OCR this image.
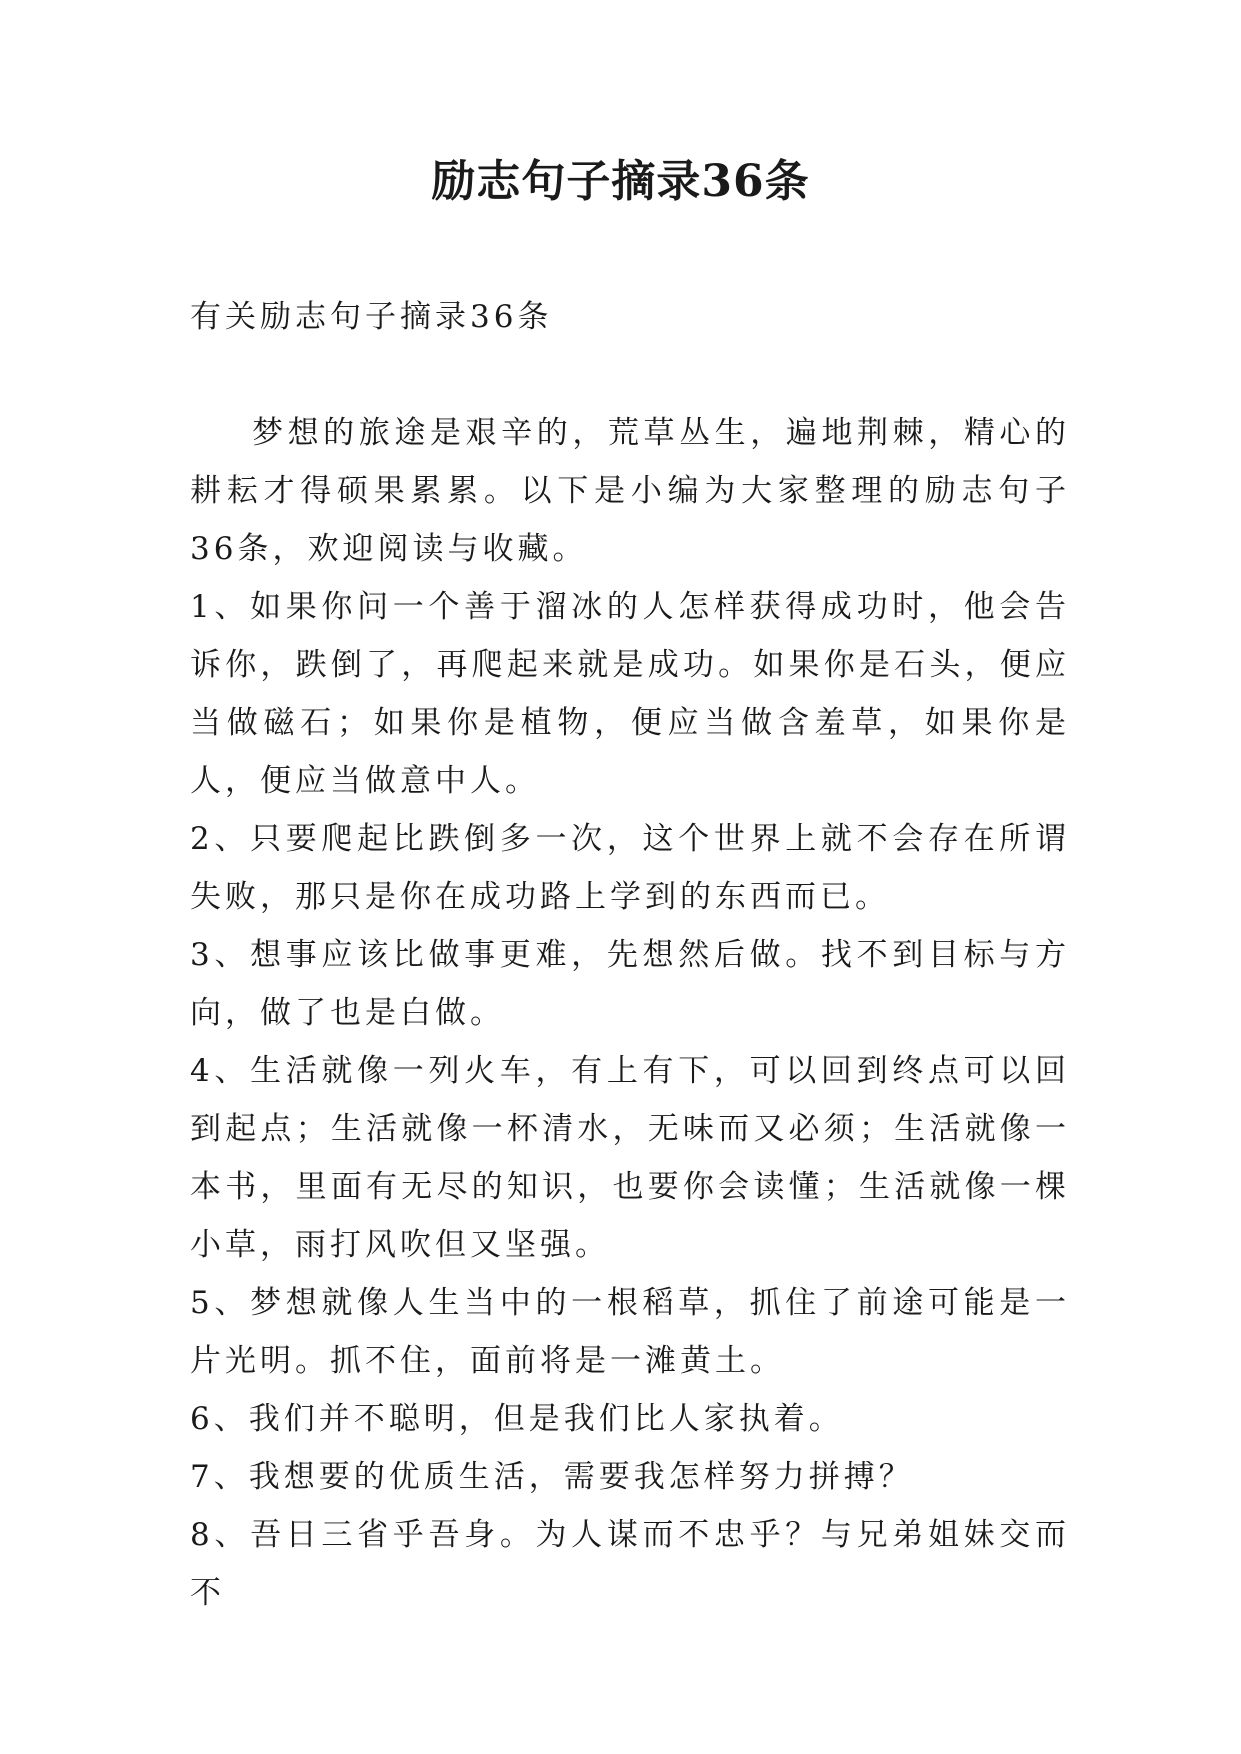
励志句子摘录36条

有关励志句子摘录36条

梦想的旅途是艰辛的，荒草丛生，遍地荆棘，精心的耕耘才得硕果累累。以下是小编为大家整理的励志句子36条，欢迎阅读与收藏。

1、如果你问一个善于溜冰的人怎样获得成功时，他会告诉你，跌倒了，再爬起来就是成功。如果你是石头，便应当做磁石；如果你是植物，便应当做含羞草，如果你是人，便应当做意中人。

2、只要爬起比跌倒多一次，这个世界上就不会存在所谓失败，那只是你在成功路上学到的东西而已。

3、想事应该比做事更难，先想然后做。找不到目标与方向，做了也是白做。

4、生活就像一列火车，有上有下，可以回到终点可以回到起点；生活就像一杯清水，无味而又必须；生活就像一本书，里面有无尽的知识，也要你会读懂；生活就像一棵小草，雨打风吹但又坚强。

5、梦想就像人生当中的一根稻草，抓住了前途可能是一片光明。抓不住，面前将是一滩黄土。

6、我们并不聪明，但是我们比人家执着。

7、我想要的优质生活，需要我怎样努力拼搏？

8、吾日三省乎吾身。为人谋而不忠乎？与兄弟姐妹交而不
